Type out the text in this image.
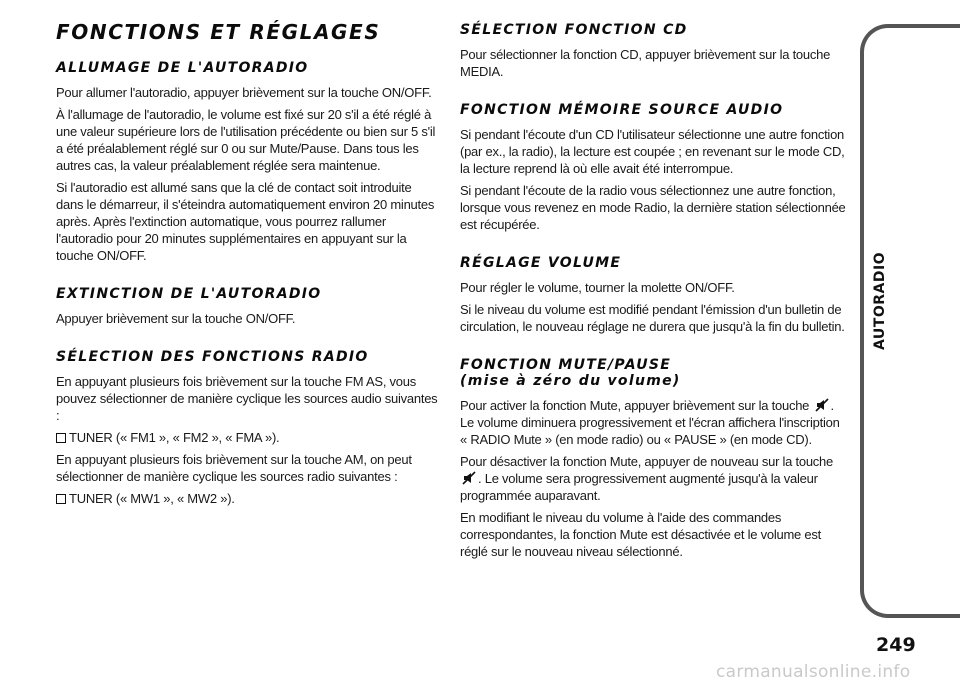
FONCTIONS ET RÉGLAGES
ALLUMAGE DE L'AUTORADIO

Pour allumer l'autoradio, appuyer brièvement sur la touche ON/OFF.

À l'allumage de l'autoradio, le volume est fixé sur 20 s'il a été réglé à une valeur supérieure lors de l'utilisation précédente ou bien sur 5 s'il a été préalablement réglé sur 0 ou sur Mute/Pause. Dans tous les autres cas, la valeur préalablement réglée sera maintenue.

Si l'autoradio est allumé sans que la clé de contact soit introduite dans le démarreur, il s'éteindra automatiquement environ 20 minutes après. Après l'extinction automatique, vous pourrez rallumer l'autoradio pour 20 minutes supplémentaires en appuyant sur la touche ON/OFF.

EXTINCTION DE L'AUTORADIO

Appuyer brièvement sur la touche ON/OFF.

SÉLECTION DES FONCTIONS RADIO

En appuyant plusieurs fois brièvement sur la touche FM AS, vous pouvez sélectionner de manière cyclique les sources audio suivantes :

TUNER (« FM1 », « FM2 », « FMA »).

En appuyant plusieurs fois brièvement sur la touche AM, on peut sélectionner de manière cyclique les sources radio suivantes :

TUNER (« MW1 », « MW2 »).

SÉLECTION FONCTION CD

Pour sélectionner la fonction CD, appuyer brièvement sur la touche MEDIA.

FONCTION MÉMOIRE SOURCE AUDIO

Si pendant l'écoute d'un CD l'utilisateur sélectionne une autre fonction (par ex., la radio), la lecture est coupée ; en revenant sur le mode CD, la lecture reprend là où elle avait été interrompue.

Si pendant l'écoute de la radio vous sélectionnez une autre fonction, lorsque vous revenez en mode Radio, la dernière station sélectionnée est récupérée.

RÉGLAGE VOLUME

Pour régler le volume, tourner la molette ON/OFF.

Si le niveau du volume est modifié pendant l'émission d'un bulletin de circulation, le nouveau réglage ne durera que jusqu'à la fin du bulletin.

FONCTION MUTE/PAUSE
(mise à zéro du volume)

Pour activer la fonction Mute, appuyer brièvement sur la touche . Le volume diminuera progressivement et l'écran affichera l'inscription « RADIO Mute » (en mode radio) ou « PAUSE » (en mode CD).

Pour désactiver la fonction Mute, appuyer de nouveau sur la touche . Le volume sera progressivement augmenté jusqu'à la valeur programmée auparavant.

En modifiant le niveau du volume à l'aide des commandes correspondantes, la fonction Mute est désactivée et le volume est réglé sur le nouveau niveau sélectionné.

AUTORADIO
249
carmanualsonline.info
